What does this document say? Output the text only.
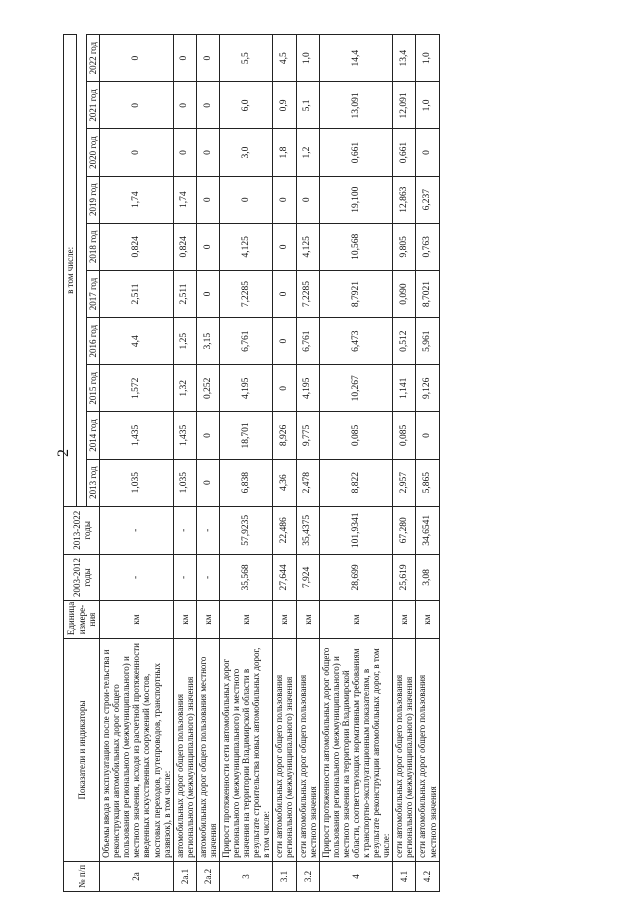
2
№ п/п	Показатели и индикаторы	Единица измере-ния	2003-2012 годы	2013-2022 годы	в том числе:									

					2013 год	2014 год	2015 год	2016 год	2017 год	2018 год	2019 год	2020 год	2021 год	2022 год
2а	Объемы ввода в эксплуатацию после строи-тельства и реконструкции автомобильных дорог общего пользования регионального (межмуниципального) и местного значения, исходя из расчетной протяженности введенных искусственных сооружений (мостов, мостовых переходов, путепроводов, транспортных развязок), в том числе:	км	-	-	1,035	1,435	1,572	4,4	2,511	0,824	1,74	0	0	0
2а.1	автомобильных дорог общего пользования регионального (межмуниципального) значения	км	-	-	1,035	1,435	1,32	1,25	2,511	0,824	1,74	0	0	0
2а.2	автомобильных дорог общего пользования местного значения	км	-	-	0	0	0,252	3,15	0	0	0	0	0	0
3	Прирост протяженности сети автомобильных дорог регионального (межмуниципального) и местного значения на территории Владимирской области в результате строительства новых автомобильных дорог, в том числе:	км	35,568	57,9235	6,838	18,701	4,195	6,761	7,2285	4,125	0	3,0	6,0	5,5
3.1	сети автомобильных дорог общего пользования регионального (межмуниципального) значения	км	27,644	22,486	4,36	8,926	0	0	0	0	0	1,8	0,9	4,5
3.2	сети автомобильных дорог общего пользования местного значения	км	7,924	35,4375	2,478	9,775	4,195	6,761	7,2285	4,125	0	1,2	5,1	1,0
4	Прирост протяженности автомобильных дорог общего пользования регионального (межмуниципального) и местного значения на территории Владимирской области, соответствующих нормативным требованиям к транспортно-эксплуатационным показателям, в результате реконструкции автомобильных дорог, в том числе:	км	28,699	101,9341	8,822	0,085	10,267	6,473	8,7921	10,568	19,100	0,661	13,091	14,4
4.1	сети автомобильных дорог общего пользования регионального (межмуниципального) значения	км	25,619	67,280	2,957	0,085	1,141	0,512	0,090	9,805	12,863	0,661	12,091	13,4
4.2	сети автомобильных дорог общего пользования местного значения	км	3,08	34,6541	5,865	0	9,126	5,961	8,7021	0,763	6,237	0	1,0	1,0
